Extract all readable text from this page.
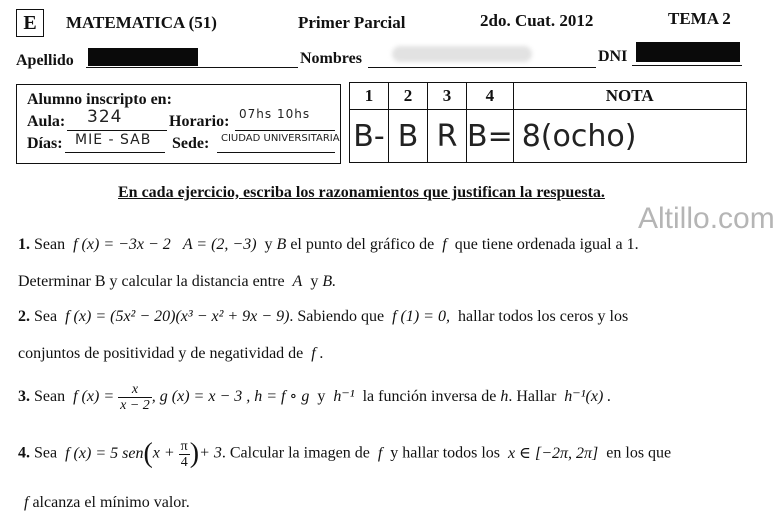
E	MATEMATICA (51)	Primer Parcial	2do. Cuat. 2012	TEMA 2
Apellido	Nombres	DNI
Alumno inscripto en:
Aula: 324	Horario: 07hs 10hs
Días: MIE - SAB Sede: CIUDAD UNIVERSITARIA
1	2	3	4	NOTA
B-	B	R	B=	8(ocho)
En cada ejercicio, escriba los razonamientos que justifican la respuesta.
Altillo.com
1. Sean f (x) = −3x − 2 A = (2, −3) y B el punto del gráfico de f que tiene ordenada igual a 1.
Determinar B y calcular la distancia entre A y B.
2. Sea f (x) = (5x² − 20)(x³ − x² + 9x − 9). Sabiendo que f (1) = 0, hallar todos los ceros y los
conjuntos de positividad y de negatividad de f .
3. Sean f $(x) = \frac{x}{x - 2}$ , g (x) = x − 3 , h = f ∘ g y h⁻¹ la función inversa de h. Hallar h⁻¹(x) .
4. Sea f (x) = 5 $sen(x + \frac{\pi}{4}$ )+ 3. Calcular la imagen de f y hallar todos los x ∈ [−2π, 2π] en los que
f alcanza el mínimo valor.
